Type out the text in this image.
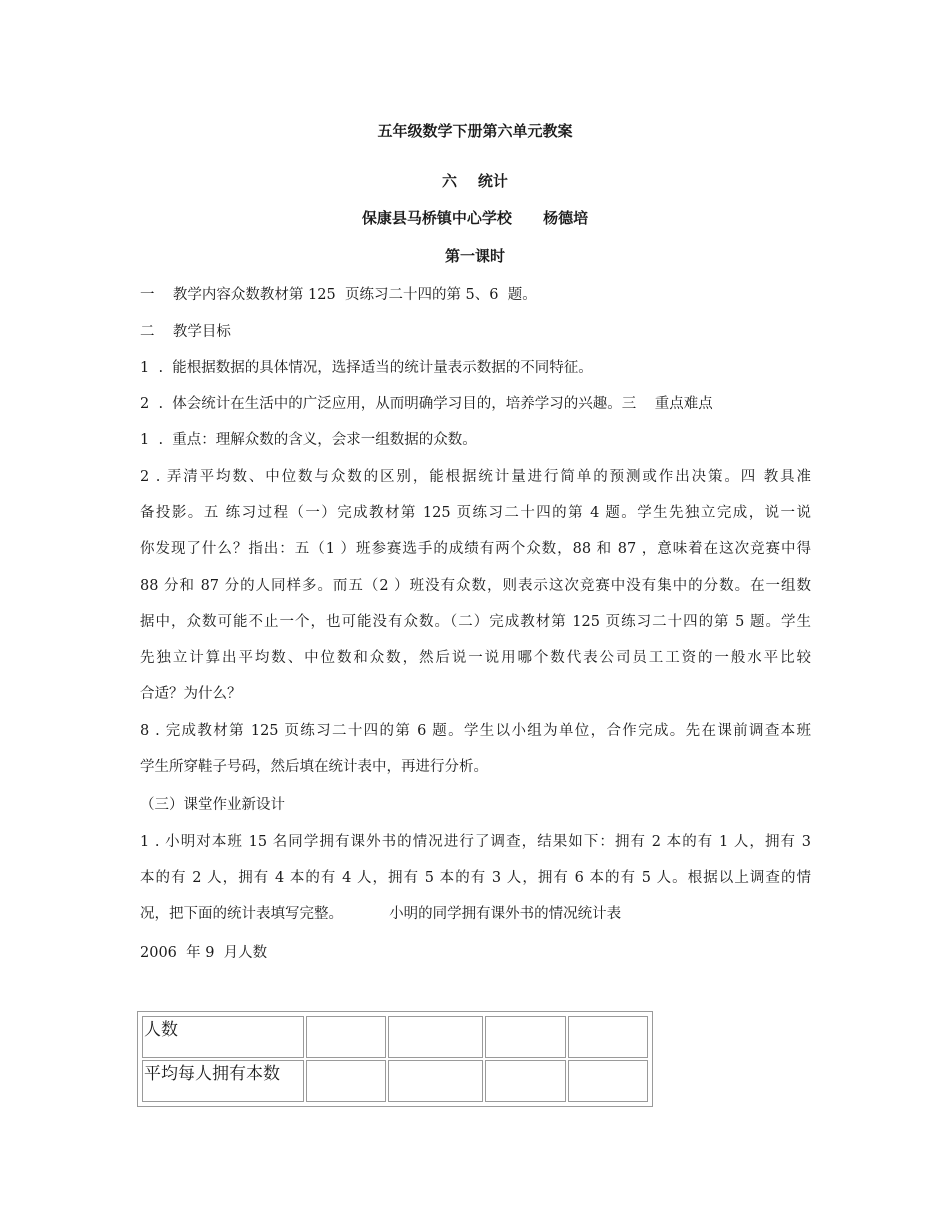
五年级数学下册第六单元教案
六    统计
保康县马桥镇中心学校      杨德培
第一课时
一    教学内容众数教材第 125  页练习二十四的第 5、6  题。
二    教学目标
1  .  能根据数据的具体情况，选择适当的统计量表示数据的不同特征。
2  .  体会统计在生活中的广泛应用，从而明确学习目的，培养学习的兴趣。三    重点难点
1  .  重点：理解众数的含义，会求一组数据的众数。
2 . 弄清平均数、中位数与众数的区别，能根据统计量进行简单的预测或作出决策。四 教具准
备投影。五 练习过程（一）完成教材第 125 页练习二十四的第 4 题。学生先独立完成，说一说
你发现了什么？指出：五（1 ）班参赛选手的成绩有两个众数，88 和 87 ，意味着在这次竞赛中得
88 分和 87 分的人同样多。而五（2 ）班没有众数，则表示这次竞赛中没有集中的分数。在一组数
据中，众数可能不止一个，也可能没有众数。（二）完成教材第 125 页练习二十四的第 5 题。学生
先独立计算出平均数、中位数和众数，然后说一说用哪个数代表公司员工工资的一般水平比较
合适？为什么？
8 . 完成教材第 125 页练习二十四的第 6 题。学生以小组为单位，合作完成。先在课前调查本班
学生所穿鞋子号码，然后填在统计表中，再进行分析。
（三）课堂作业新设计
1 . 小明对本班 15 名同学拥有课外书的情况进行了调查，结果如下：拥有 2 本的有 1 人，拥有 3
本的有 2 人，拥有 4 本的有 4 人，拥有 5 本的有 3 人，拥有 6 本的有 5 人。根据以上调查的情
况，把下面的统计表填写完整。          小明的同学拥有课外书的情况统计表
2006  年 9  月人数
人数				
平均每人拥有本数				
